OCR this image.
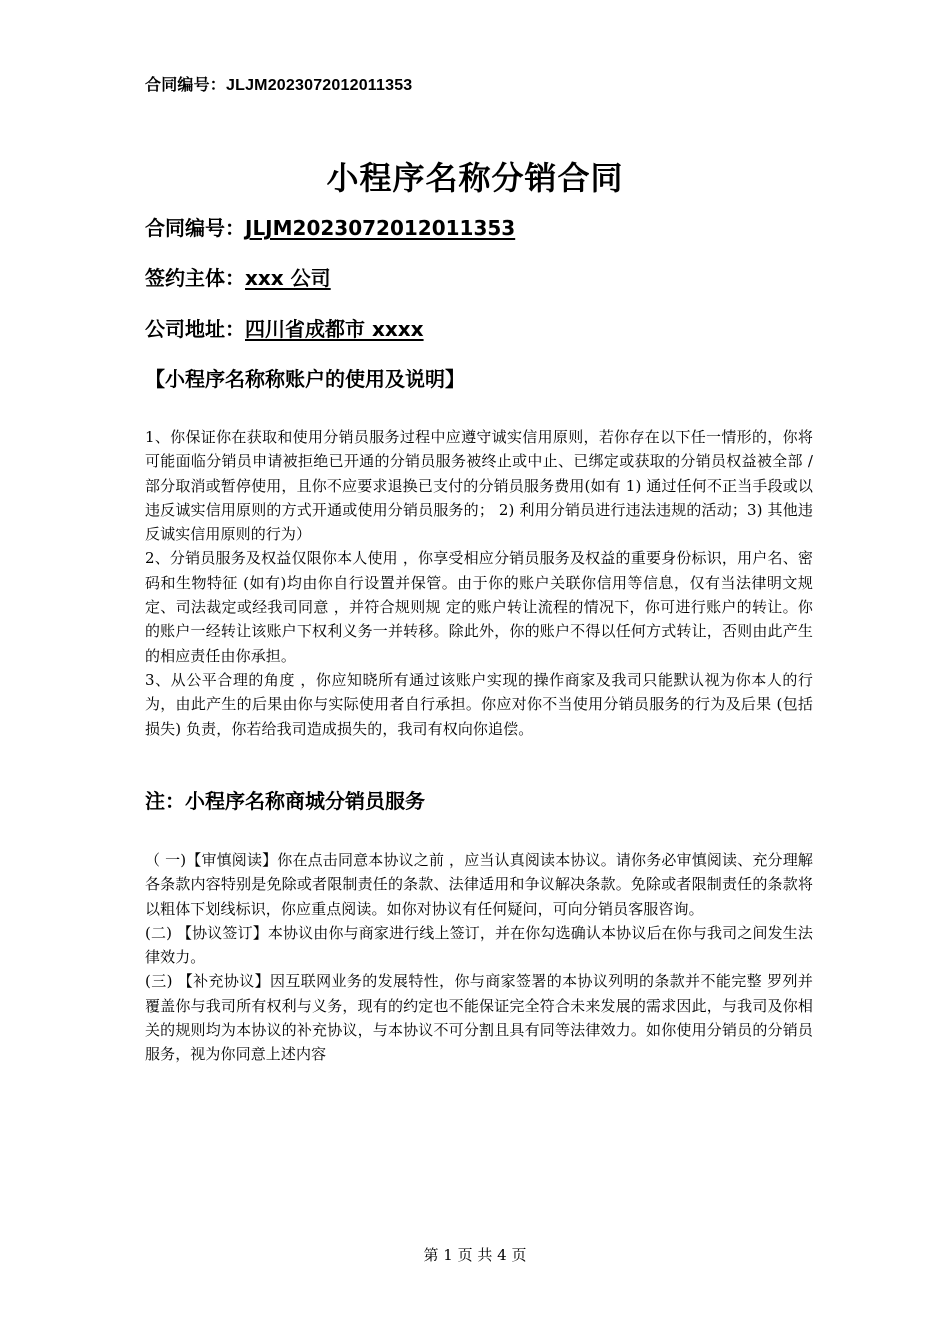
合同编号：JLJM2023072012011353
小程序名称分销合同
合同编号：JLJM2023072012011353
签约主体：xxx 公司
公司地址：四川省成都市 xxxx
【小程序名称称账户的使用及说明】

1、你保证你在获取和使用分销员服务过程中应遵守诚实信用原则，若你存在以下任一情形的，你将可能面临分销员申请被拒绝已开通的分销员服务被终止或中止、已绑定或获取的分销员权益被全部 / 部分取消或暂停使用，且你不应要求退换已支付的分销员服务费用(如有 1) 通过任何不正当手段或以违反诚实信用原则的方式开通或使用分销员服务的； 2) 利用分销员进行违法违规的活动；3) 其他违反诚实信用原则的行为）

2、分销员服务及权益仅限你本人使用 ，你享受相应分销员服务及权益的重要身份标识，用户名、密码和生物特征 (如有)均由你自行设置并保管。由于你的账户关联你信用等信息，仅有当法律明文规定、司法裁定或经我司同意 ，并符合规则规 定的账户转让流程的情况下，你可进行账户的转让。你的账户一经转让该账户下权利义务一并转移。除此外，你的账户不得以任何方式转让，否则由此产生的相应责任由你承担。

3、从公平合理的角度 ，你应知晓所有通过该账户实现的操作商家及我司只能默认视为你本人的行为，由此产生的后果由你与实际使用者自行承担。你应对你不当使用分销员服务的行为及后果 (包括损失) 负责，你若给我司造成损失的，我司有权向你追偿。

注：小程序名称商城分销员服务

（ 一)【审慎阅读】你在点击同意本协议之前 ，应当认真阅读本协议。请你务必审慎阅读、充分理解各条款内容特别是免除或者限制责任的条款、法律适用和争议解决条款。免除或者限制责任的条款将以粗体下划线标识，你应重点阅读。如你对协议有任何疑问，可向分销员客服咨询。

(二) 【协议签订】本协议由你与商家进行线上签订，并在你勾选确认本协议后在你与我司之间发生法律效力。

(三) 【补充协议】因互联网业务的发展特性，你与商家签署的本协议列明的条款并不能完整 罗列并覆盖你与我司所有权利与义务，现有的约定也不能保证完全符合未来发展的需求因此，与我司及你相关的规则均为本协议的补充协议，与本协议不可分割且具有同等法律效力。如你使用分销员的分销员服务，视为你同意上述内容

第 1 页 共 4 页
